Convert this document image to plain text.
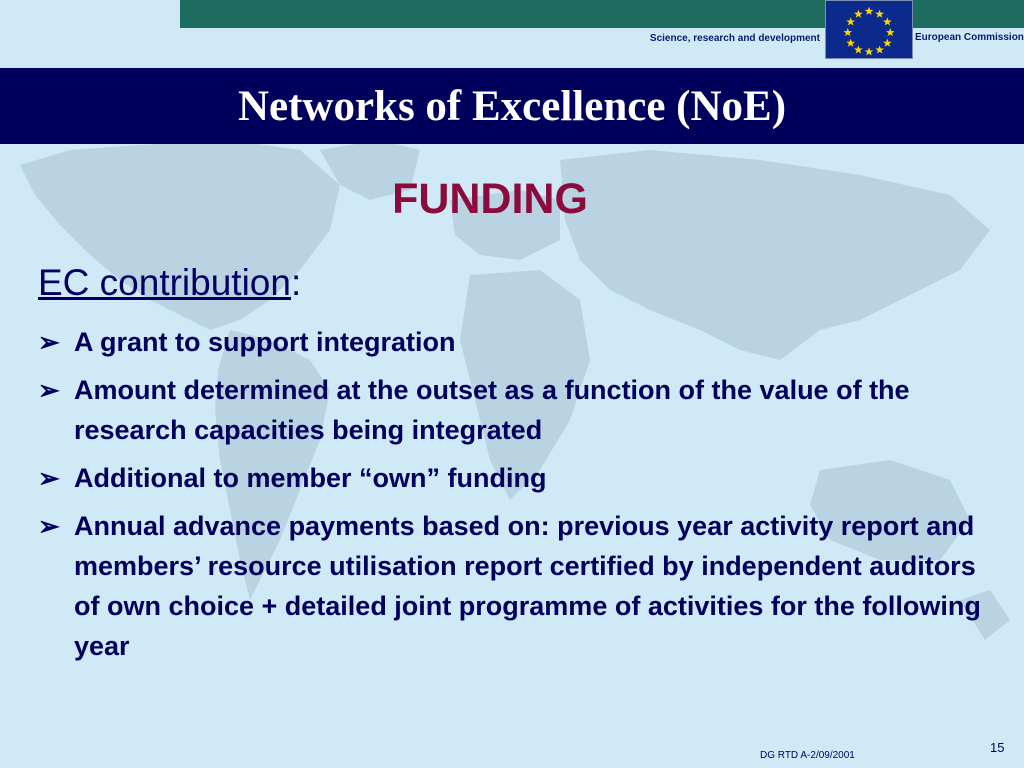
Science, research and development	European Commission
Networks of Excellence (NoE)
FUNDING
EC contribution:
➢ A grant to support integration
➢ Amount determined at the outset as a function of the value of the research capacities being integrated
➢ Additional to member “own” funding
➢ Annual advance payments based on: previous year activity report and members’ resource utilisation report certified by independent auditors of own choice + detailed joint programme of activities for the following year
DG RTD A-2/09/2001
15
